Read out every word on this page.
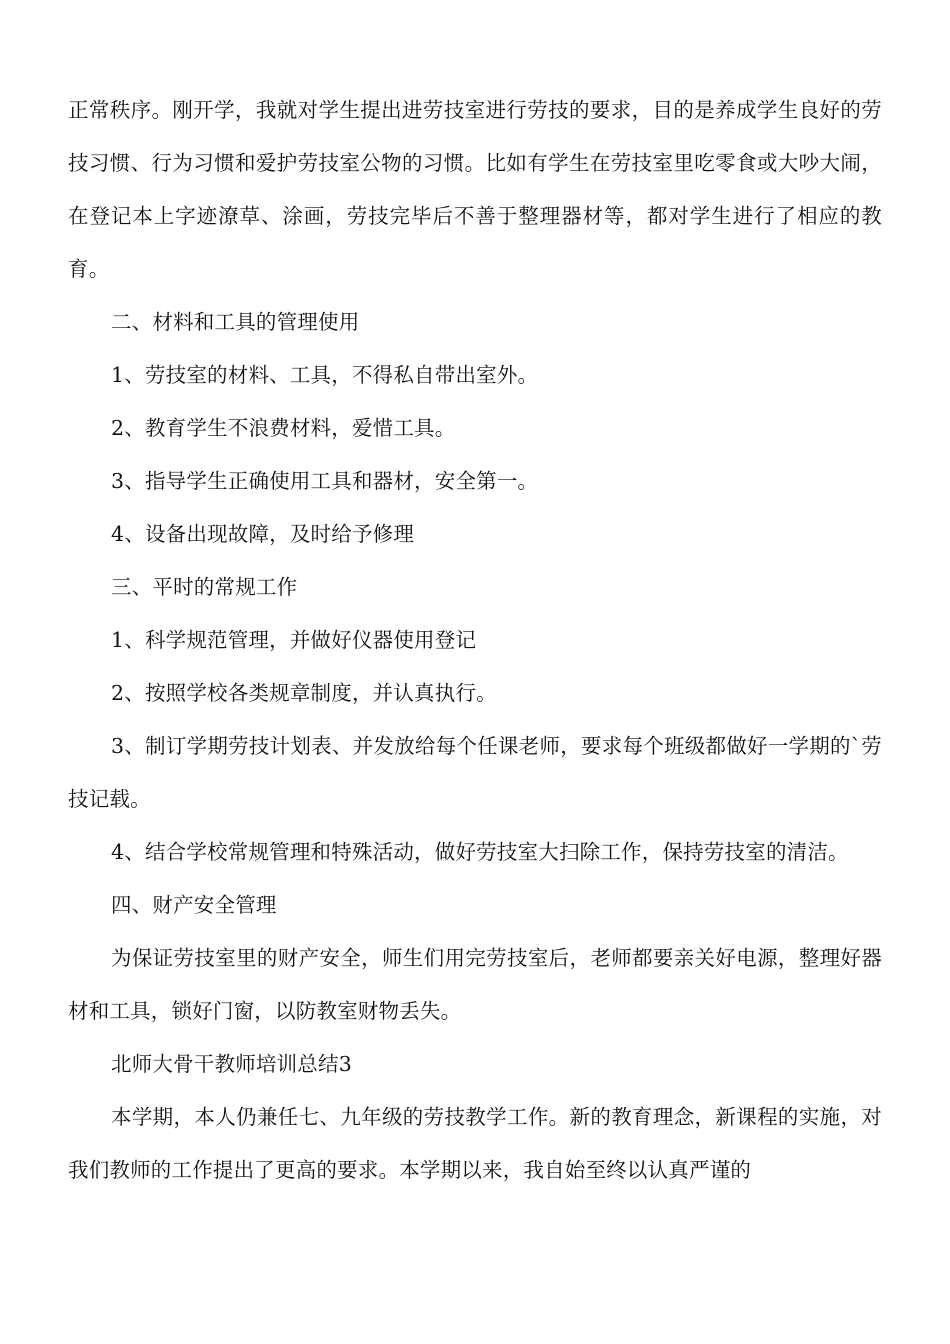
正常秩序。刚开学，我就对学生提出进劳技室进行劳技的要求，目的是养成学生良好的劳技习惯、行为习惯和爱护劳技室公物的习惯。比如有学生在劳技室里吃零食或大吵大闹，在登记本上字迹潦草、涂画，劳技完毕后不善于整理器材等，都对学生进行了相应的教育。

二、材料和工具的管理使用

1、劳技室的材料、工具，不得私自带出室外。

2、教育学生不浪费材料，爱惜工具。

3、指导学生正确使用工具和器材，安全第一。

4、设备出现故障，及时给予修理

三、平时的常规工作

1、科学规范管理，并做好仪器使用登记

2、按照学校各类规章制度，并认真执行。

3、制订学期劳技计划表、并发放给每个任课老师，要求每个班级都做好一学期的`劳技记载。

4、结合学校常规管理和特殊活动，做好劳技室大扫除工作，保持劳技室的清洁。

四、财产安全管理

为保证劳技室里的财产安全，师生们用完劳技室后，老师都要亲关好电源，整理好器材和工具，锁好门窗，以防教室财物丢失。

北师大骨干教师培训总结3

本学期，本人仍兼任七、九年级的劳技教学工作。新的教育理念，新课程的实施，对我们教师的工作提出了更高的要求。本学期以来，我自始至终以认真严谨的
